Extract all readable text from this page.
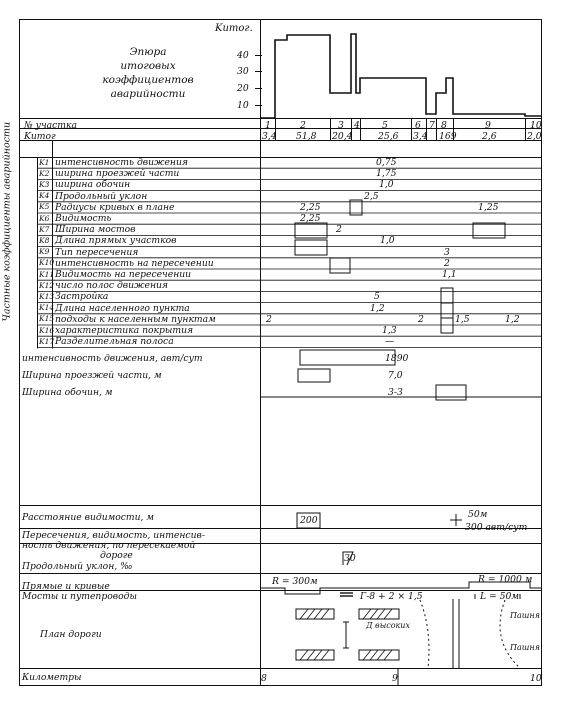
Kитог.
Эпюра
итоговых
коэффициентов
аварийности
40
30
20
10
№ участка	1	2	3 4 5	6 7 8	9	10
Kитог	3,4 51,8 20,4	25,6 3,4 169	2,6	2,0
Частные коэффициенты аварийности	K1 интенсивность движения	0,75
K2 ширина проезжей части	1,75
K3 ширина обочин	1,0
K4 Продольный уклон	2,5
K5 Радиусы кривых в плане	2,25	1,25
K6 Видимость	2,25
K7 Ширина мостов	2
K8 Длина прямых участков	1,0
K9 Тип пересечения	3
K10 интенсивность на пересечении	2
K11 Видимость на пересечении	1,1
K12 число полос движения
K13 Застройка	5
K14 Длина населенного пункта	1,2
K15 подходы к населенным пунктам	2	2	1,5	1,2
K16 характеристика покрытия	1,3
K17 Разделительная полоса	—
интенсивность движения, авт/сут	1890
Ширина проезжей части, м	7,0
Ширина обочин, м	3-3
Расстояние видимости, м	200
Пересечения, видимость, интенсив-
ность движения, по пересекаемой
дороге
50м
300 авт/сут
Продольный уклон, ‰
30
Прямые и кривые	R = 300м	R = 1000 м
Мосты и путепроводы	Г-8 + 2 × 1,5	L = 50м
План дороги
Д высоких
Пашня
Пашня
Километры	8	9	10
